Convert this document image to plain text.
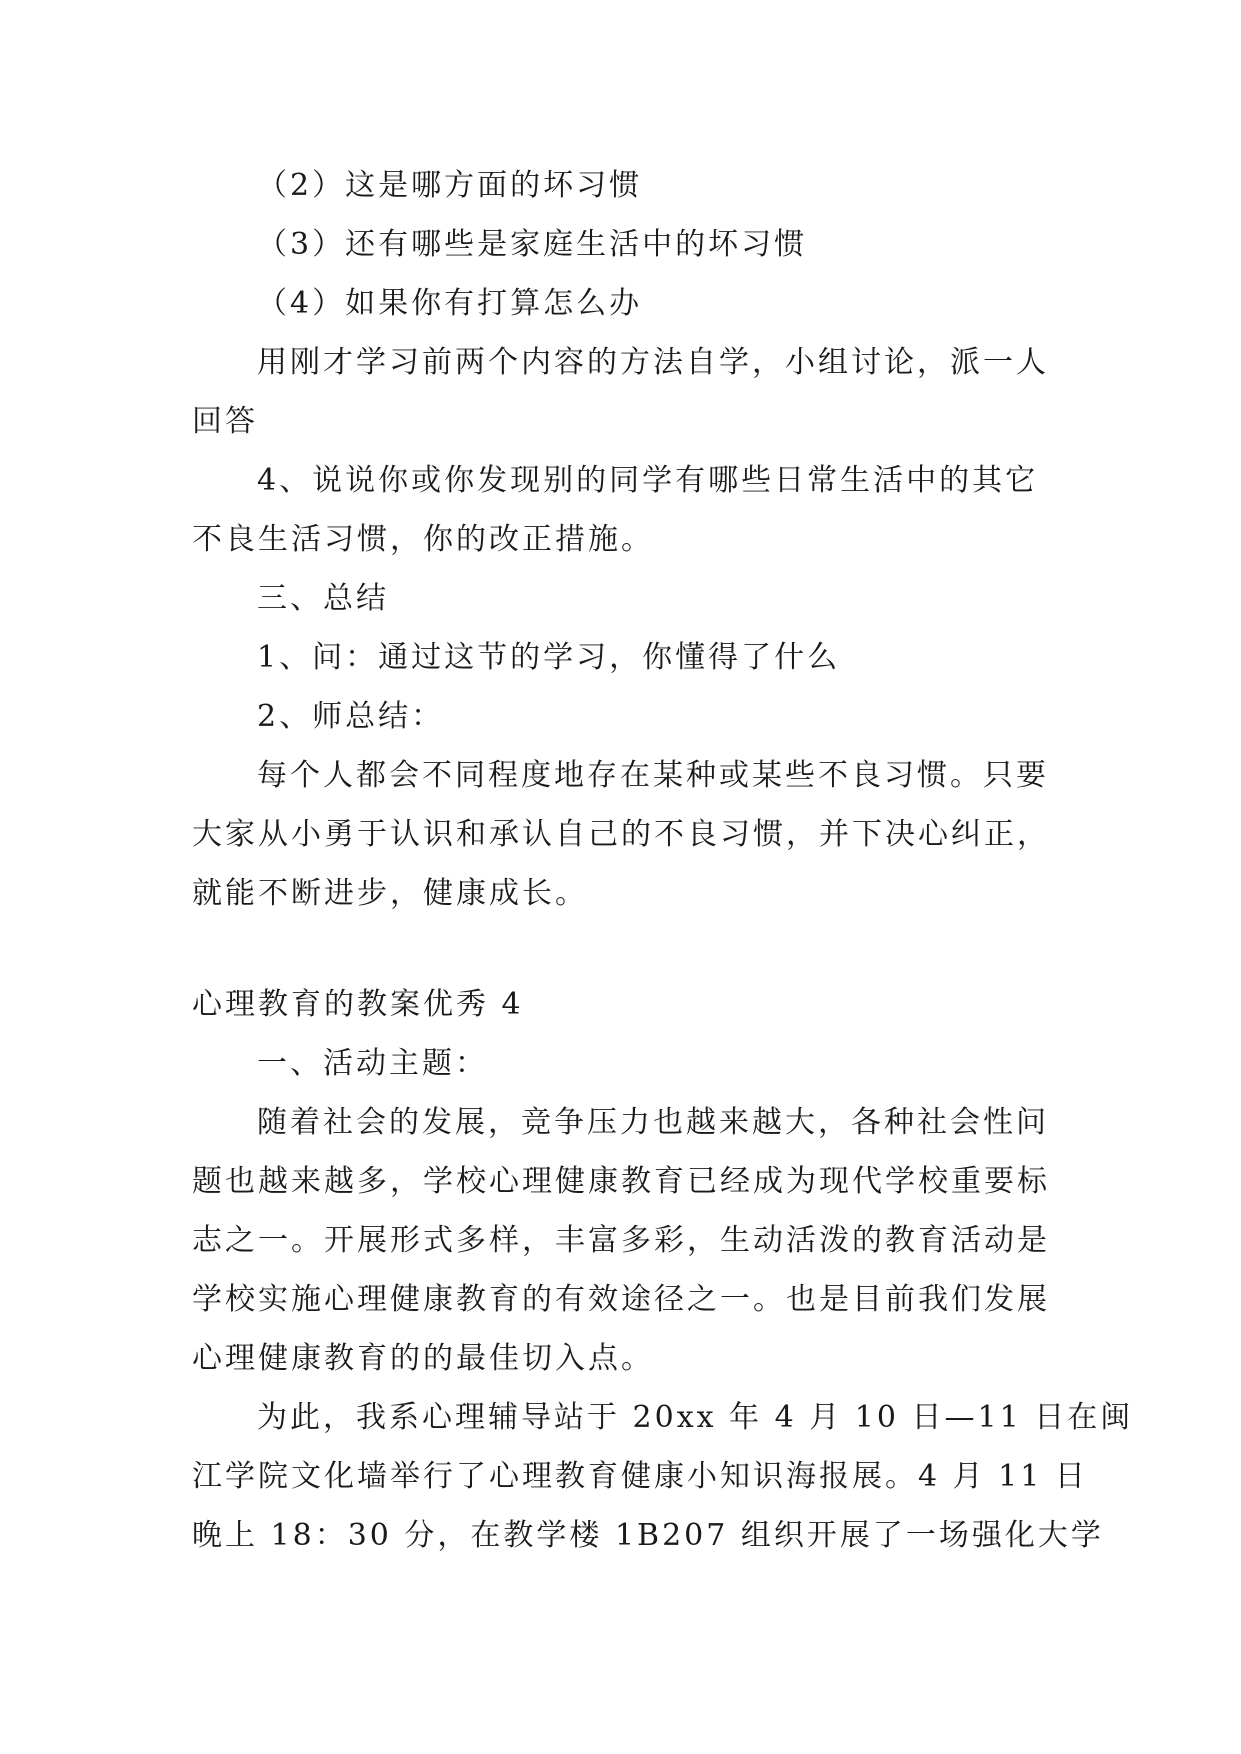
（2）这是哪方面的坏习惯

（3）还有哪些是家庭生活中的坏习惯

（4）如果你有打算怎么办

用刚才学习前两个内容的方法自学，小组讨论，派一人

回答

4、说说你或你发现别的同学有哪些日常生活中的其它

不良生活习惯，你的改正措施。

三、总结

1、问：通过这节的学习，你懂得了什么

2、师总结：

每个人都会不同程度地存在某种或某些不良习惯。只要

大家从小勇于认识和承认自己的不良习惯，并下决心纠正，

就能不断进步，健康成长。

心理教育的教案优秀 4

一、活动主题：

随着社会的发展，竞争压力也越来越大，各种社会性问

题也越来越多，学校心理健康教育已经成为现代学校重要标

志之一。开展形式多样，丰富多彩，生动活泼的教育活动是

学校实施心理健康教育的有效途径之一。也是目前我们发展

心理健康教育的的最佳切入点。

为此，我系心理辅导站于 20xx 年 4 月 10 日—11 日在闽

江学院文化墙举行了心理教育健康小知识海报展。4 月 11 日

晚上 18：30 分，在教学楼 1B207 组织开展了一场强化大学
